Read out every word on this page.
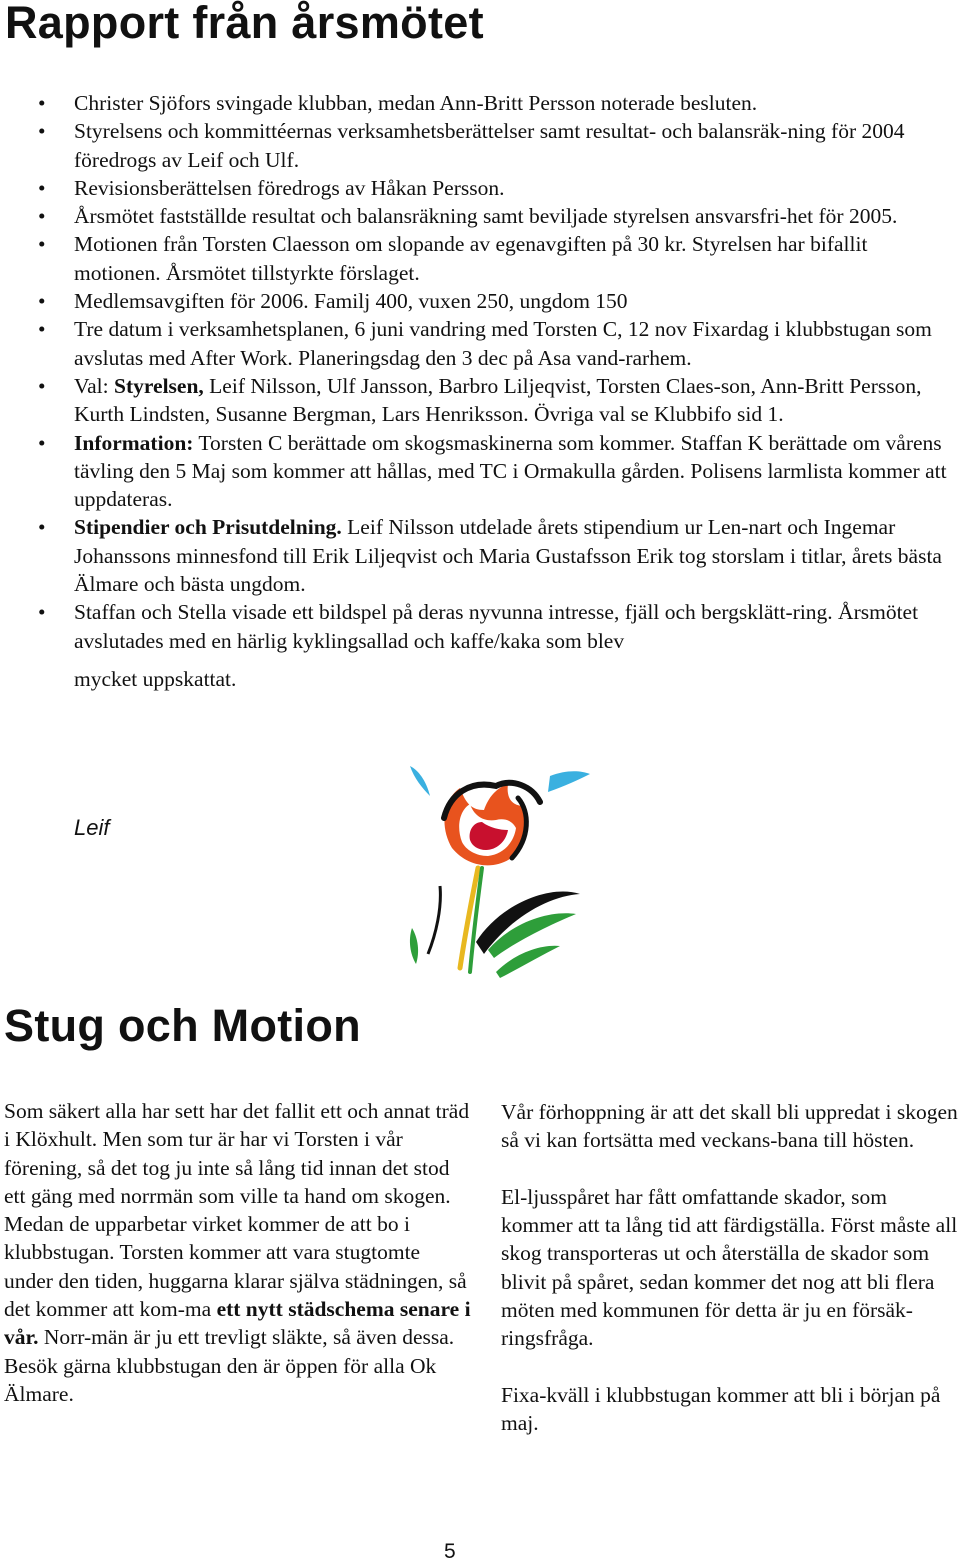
Rapport från årsmötet
• Christer Sjöfors svingade klubban, medan Ann-Britt Persson noterade besluten.
• Styrelsens och kommittéernas verksamhetsberättelser samt resultat- och balansräk-ning för 2004 föredrogs av Leif och Ulf.
• Revisionsberättelsen föredrogs av Håkan Persson.
• Årsmötet fastställde resultat och balansräkning samt beviljade styrelsen ansvarsfri-het för 2005.
• Motionen från Torsten Claesson om slopande av egenavgiften på 30 kr. Styrelsen har bifallit motionen. Årsmötet tillstyrkte förslaget.
• Medlemsavgiften för 2006. Familj 400, vuxen 250, ungdom 150
• Tre datum i verksamhetsplanen, 6 juni vandring med Torsten C, 12 nov Fixardag i klubbstugan som avslutas med After Work. Planeringsdag den 3 dec på Asa vand-rarhem.
• Val: Styrelsen, Leif Nilsson, Ulf Jansson, Barbro Liljeqvist, Torsten Claes-son, Ann-Britt Persson, Kurth Lindsten, Susanne Bergman, Lars Henriksson. Övriga val se Klubbifo sid 1.
• Information: Torsten C berättade om skogsmaskinerna som kommer. Staffan K berättade om vårens tävling den 5 Maj som kommer att hållas, med TC i Ormakulla gården. Polisens larmlista kommer att uppdateras.
• Stipendier och Prisutdelning. Leif Nilsson utdelade årets stipendium ur Len-nart och Ingemar Johanssons minnesfond till Erik Liljeqvist och Maria Gustafsson Erik tog storslam i titlar, årets bästa Älmare och bästa ungdom.
• Staffan och Stella visade ett bildspel på deras nyvunna intresse, fjäll och bergsklätt-ring. Årsmötet avslutades med en härlig kyklingsallad och kaffe/kaka som blev
mycket uppskattat.
Leif
Stug och Motion

Som säkert alla har sett har det fallit ett och annat träd i Klöxhult. Men som tur är har vi Torsten i vår förening, så det tog ju inte så lång tid innan det stod ett gäng med norrmän som ville ta hand om skogen. Medan de upparbetar virket kommer de att bo i klubbstugan. Torsten kommer att vara stugtomte under den tiden, huggarna klarar själva städningen, så det kommer att kom-ma ett nytt städschema senare i vår. Norr-män är ju ett trevligt släkte, så även dessa. Besök gärna klubbstugan den är öppen för alla Ok Älmare.

Vår förhoppning är att det skall bli uppredat i skogen så vi kan fortsätta med veckans-bana till hösten.

El-ljusspåret har fått omfattande skador, som kommer att ta lång tid att färdigställa. Först måste all skog transporteras ut och återställa de skador som blivit på spåret, sedan kommer det nog att bli flera möten med kommunen för detta är ju en försäk-ringsfråga.

Fixa-kväll i klubbstugan kommer att bli i början på maj.

5
